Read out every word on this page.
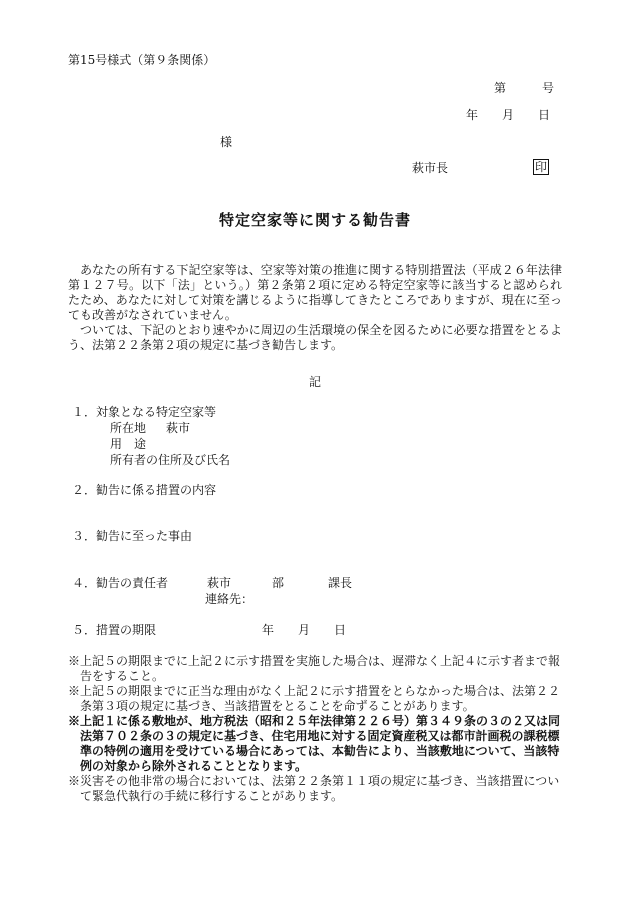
第15号様式（第９条関係）
第　　　号
年　　月　　日
様
萩市長	印
特定空家等に関する勧告書

あなたの所有する下記空家等は、空家等対策の推進に関する特別措置法（平成２６年法律第１２７号。以下「法」という。）第２条第２項に定める特定空家等に該当すると認められたため、あなたに対して対策を講じるように指導してきたところでありますが、現在に至っても改善がなされていません。

ついては、下記のとおり速やかに周辺の生活環境の保全を図るために必要な措置をとるよう、法第２２条第２項の規定に基づき勧告します。

記
１．対象となる特定空家等
所在地 萩市
用　途
所有者の住所及び氏名
２．勧告に係る措置の内容
３．勧告に至った事由
４．勧告の責任者	萩市	部	課長
連絡先：
５．措置の期限	年　　月　　日

※上記５の期限までに上記２に示す措置を実施した場合は、遅滞なく上記４に示す者まで報告をすること。

※上記５の期限までに正当な理由がなく上記２に示す措置をとらなかった場合は、法第２２条第３項の規定に基づき、当該措置をとることを命ずることがあります。

※上記１に係る敷地が、地方税法（昭和２５年法律第２２６号）第３４９条の３の２又は同法第７０２条の３の規定に基づき、住宅用地に対する固定資産税又は都市計画税の課税標準の特例の適用を受けている場合にあっては、本勧告により、当該敷地について、当該特例の対象から除外されることとなります。

※災害その他非常の場合においては、法第２２条第１１項の規定に基づき、当該措置について緊急代執行の手続に移行することがあります。
